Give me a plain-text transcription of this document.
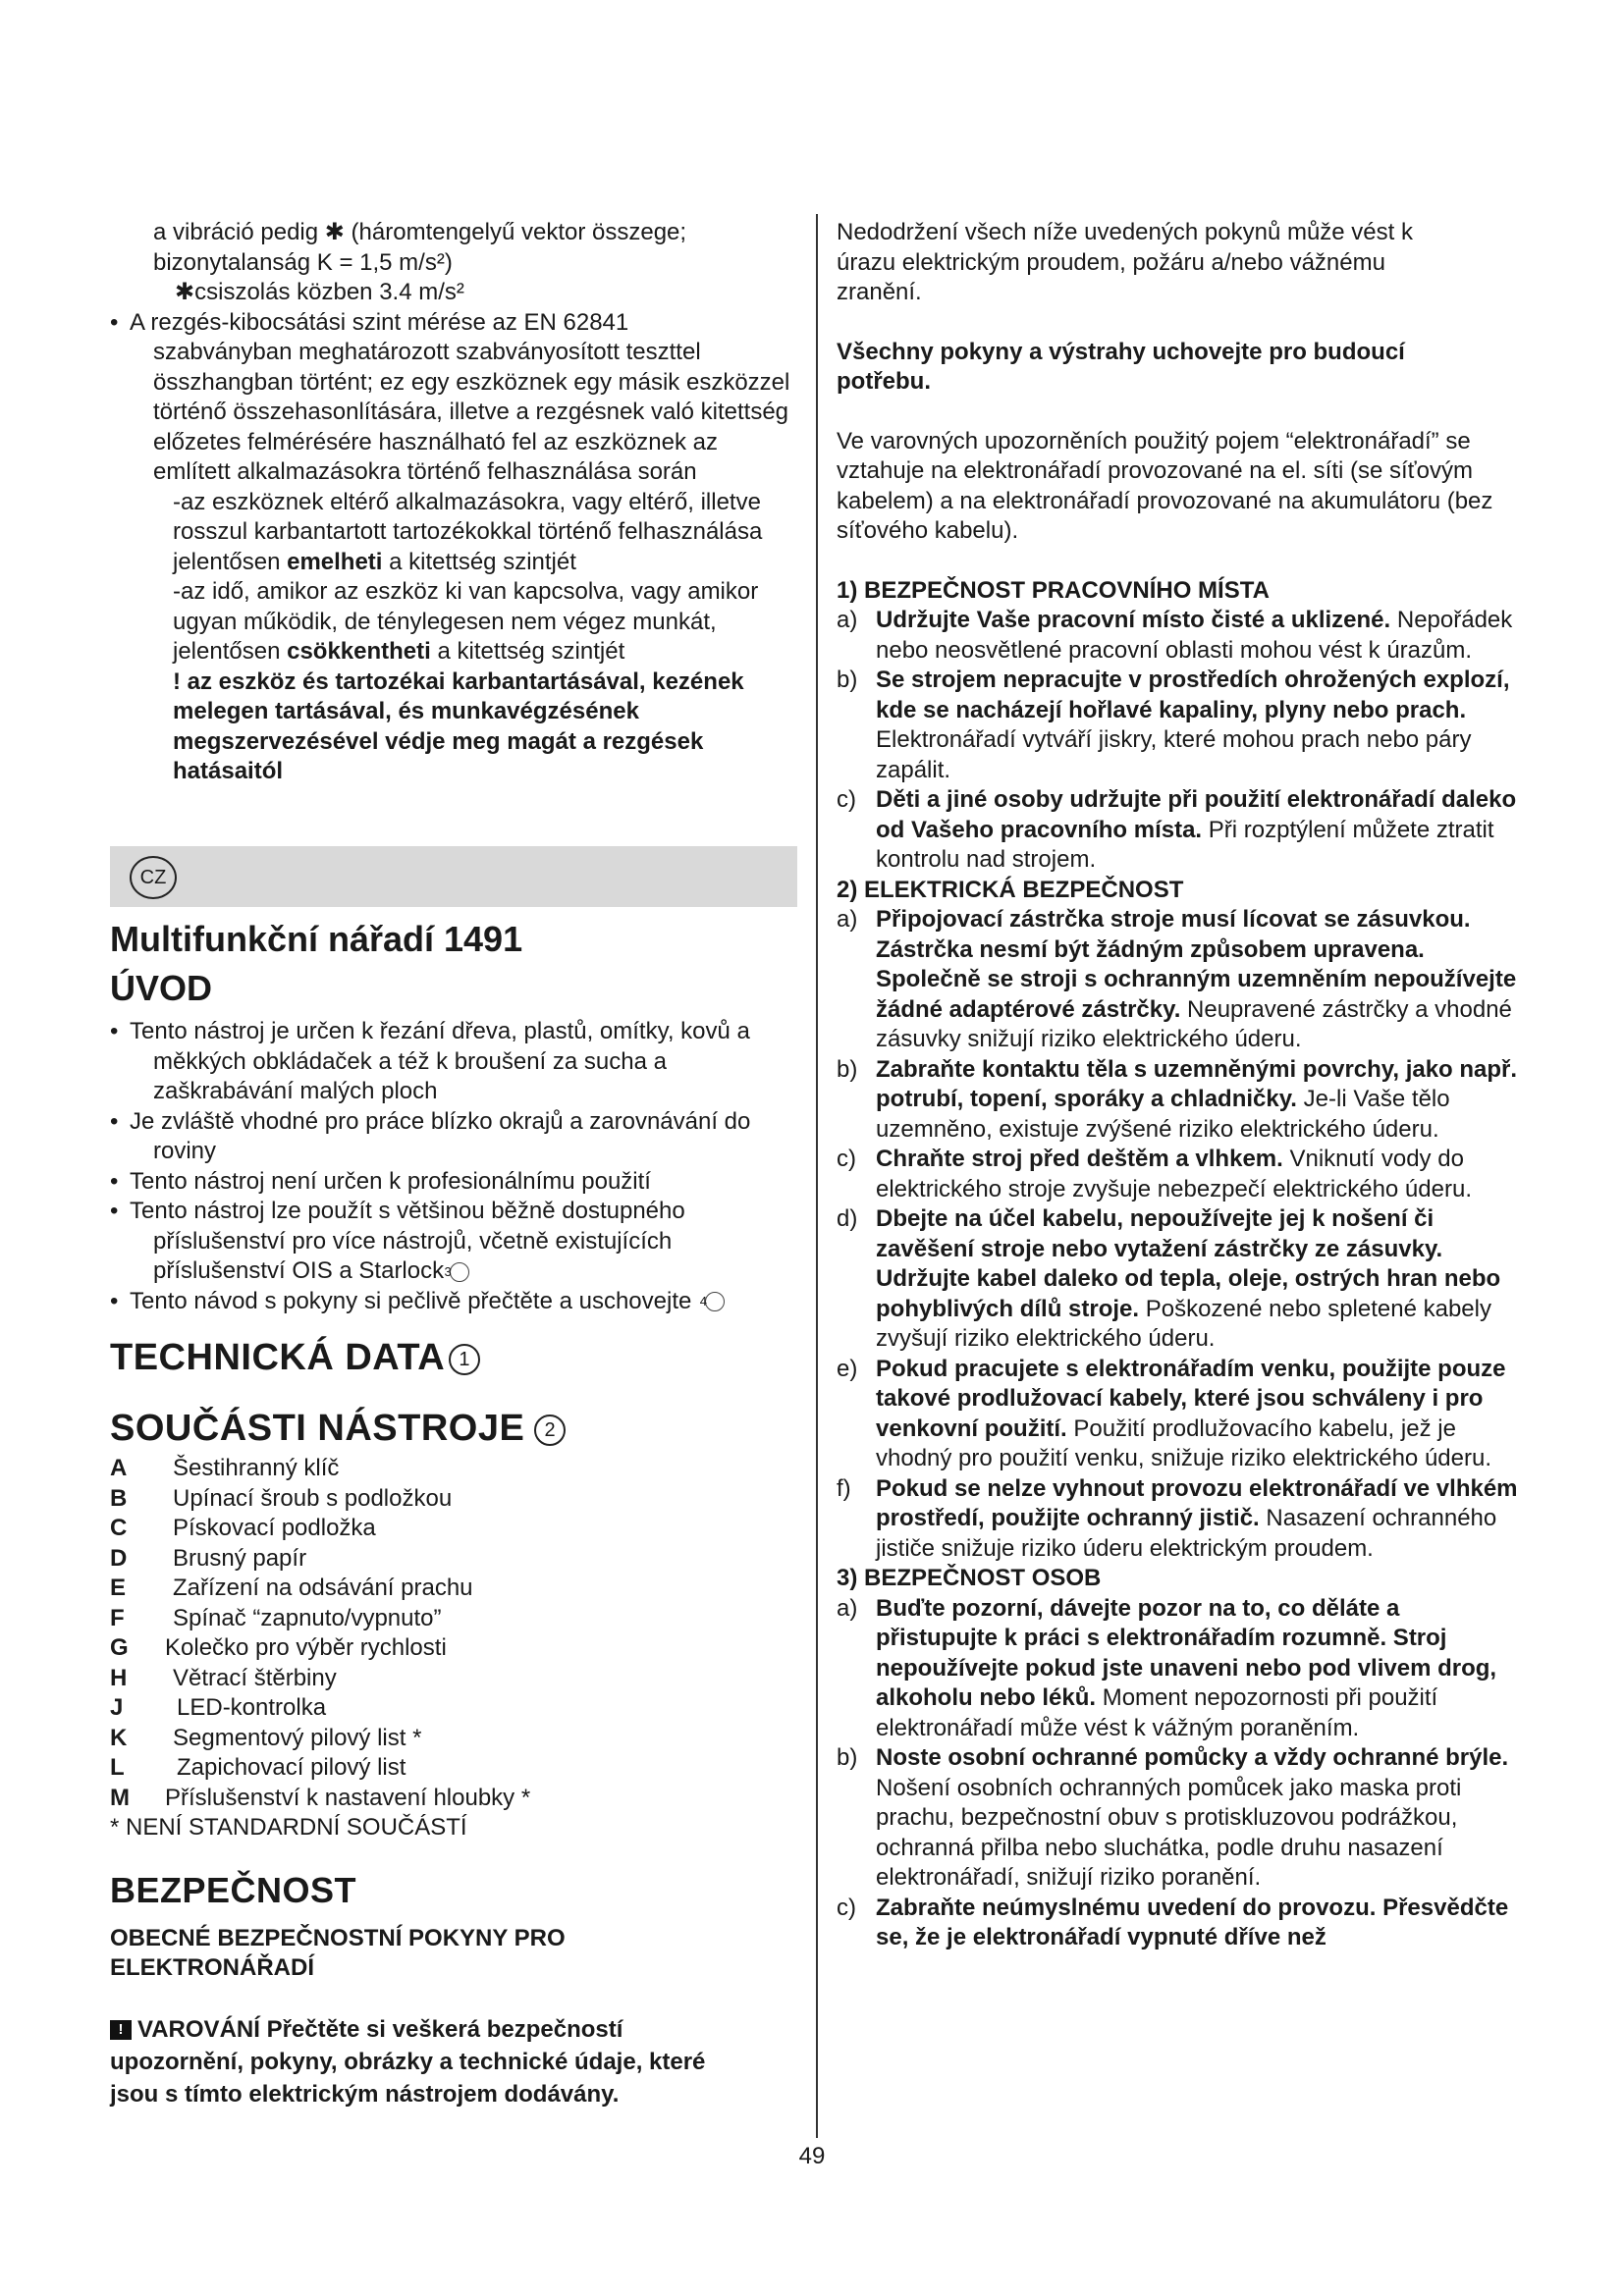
a vibráció pedig ✱ (háromtengelyű vektor összege;

bizonytalanság K = 1,5 m/s²)

✱csiszolás közben 3.4 m/s²

• A rezgés-kibocsátási szint mérése az EN 62841
szabványban meghatározott szabványosított teszttel összhangban történt; ez egy eszköznek egy másik eszközzel történő összehasonlítására, illetve a rezgésnek való kitettség előzetes felmérésére használható fel az eszköznek az említett alkalmazásokra történő felhasználása során
-az eszköznek eltérő alkalmazásokra, vagy eltérő, illetve rosszul karbantartott tartozékokkal történő felhasználása jelentősen emelheti a kitettség szintjét
-az idő, amikor az eszköz ki van kapcsolva, vagy amikor ugyan működik, de ténylegesen nem végez munkát, jelentősen csökkentheti a kitettség szintjét

! az eszköz és tartozékai karbantartásával, kezének melegen tartásával, és munkavégzésének megszervezésével védje meg magát a rezgések hatásaitól

CZ

Multifunkční nářadí 1491

ÚVOD

• Tento nástroj je určen k řezání dřeva, plastů, omítky, kovů a měkkých obkládaček a též k broušení za sucha a zaškrabávání malých ploch
• Je zvláště vhodné pro práce blízko okrajů a zarovnávání do roviny
• Tento nástroj není určen k profesionálnímu použití
• Tento nástroj lze použít s většinou běžně dostupného příslušenství pro více nástrojů, včetně existujících příslušenství OIS a Starlock3
• Tento návod s pokyny si pečlivě přečtěte a uschovejte 4

TECHNICKÁ DATA 1

SOUČÁSTI NÁSTROJE 2

A	Šestihranný klíč
B	Upínací šroub s podložkou
C	Pískovací podložka
D	Brusný papír
E	Zařízení na odsávání prachu
F	Spínač “zapnuto/vypnuto”
G	Kolečko pro výběr rychlosti
H	Větrací štěrbiny
J	LED-kontrolka
K	Segmentový pilový list *
L	Zapichovací pilový list
M	Příslušenství k nastavení hloubky *

* NENÍ STANDARDNÍ SOUČÁSTÍ

BEZPEČNOST

OBECNÉ BEZPEČNOSTNÍ POKYNY PRO ELEKTRONÁŘADÍ

! VAROVÁNÍ Přečtěte si veškerá bezpečností upozornění, pokyny, obrázky a technické údaje, které jsou s tímto elektrickým nástrojem dodávány.

Nedodržení všech níže uvedených pokynů může vést k úrazu elektrickým proudem, požáru a/nebo vážnému zranění.

Všechny pokyny a výstrahy uchovejte pro budoucí potřebu.

Ve varovných upozorněních použitý pojem “elektronářadí” se vztahuje na elektronářadí provozované na el. síti (se síťovým kabelem) a na elektronářadí provozované na akumulátoru (bez síťového kabelu).

1) BEZPEČNOST PRACOVNÍHO MÍSTA

a) Udržujte Vaše pracovní místo čisté a uklizené. Nepořádek nebo neosvětlené pracovní oblasti mohou vést k úrazům.
b) Se strojem nepracujte v prostředích ohrožených explozí, kde se nacházejí hořlavé kapaliny, plyny nebo prach. Elektronářadí vytváří jiskry, které mohou prach nebo páry zapálit.
c) Děti a jiné osoby udržujte při použití elektronářadí daleko od Vašeho pracovního místa. Při rozptýlení můžete ztratit kontrolu nad strojem.

2) ELEKTRICKÁ BEZPEČNOST

a) Připojovací zástrčka stroje musí lícovat se zásuvkou. Zástrčka nesmí být žádným způsobem upravena. Společně se stroji s ochranným uzemněním nepoužívejte žádné adaptérové zástrčky. Neupravené zástrčky a vhodné zásuvky snižují riziko elektrického úderu.
b) Zabraňte kontaktu těla s uzemněnými povrchy, jako např. potrubí, topení, sporáky a chladničky. Je-li Vaše tělo uzemněno, existuje zvýšené riziko elektrického úderu.
c) Chraňte stroj před deštěm a vlhkem. Vniknutí vody do elektrického stroje zvyšuje nebezpečí elektrického úderu.
d) Dbejte na účel kabelu, nepoužívejte jej k nošení či zavěšení stroje nebo vytažení zástrčky ze zásuvky. Udržujte kabel daleko od tepla, oleje, ostrých hran nebo pohyblivých dílů stroje. Poškozené nebo spletené kabely zvyšují riziko elektrického úderu.
e) Pokud pracujete s elektronářadím venku, použijte pouze takové prodlužovací kabely, které jsou schváleny i pro venkovní použití. Použití prodlužovacího kabelu, jež je vhodný pro použití venku, snižuje riziko elektrického úderu.
f) Pokud se nelze vyhnout provozu elektronářadí ve vlhkém prostředí, použijte ochranný jistič. Nasazení ochranného jističe snižuje riziko úderu elektrickým proudem.

3) BEZPEČNOST OSOB

a) Buďte pozorní, dávejte pozor na to, co děláte a přistupujte k práci s elektronářadím rozumně. Stroj nepoužívejte pokud jste unaveni nebo pod vlivem drog, alkoholu nebo léků. Moment nepozornosti při použití elektronářadí může vést k vážným poraněním.
b) Noste osobní ochranné pomůcky a vždy ochranné brýle. Nošení osobních ochranných pomůcek jako maska proti prachu, bezpečnostní obuv s protiskluzovou podrážkou, ochranná přilba nebo sluchátka, podle druhu nasazení elektronářadí, snižují riziko poranění.
c) Zabraňte neúmyslnému uvedení do provozu. Přesvědčte se, že je elektronářadí vypnuté dříve než
49
